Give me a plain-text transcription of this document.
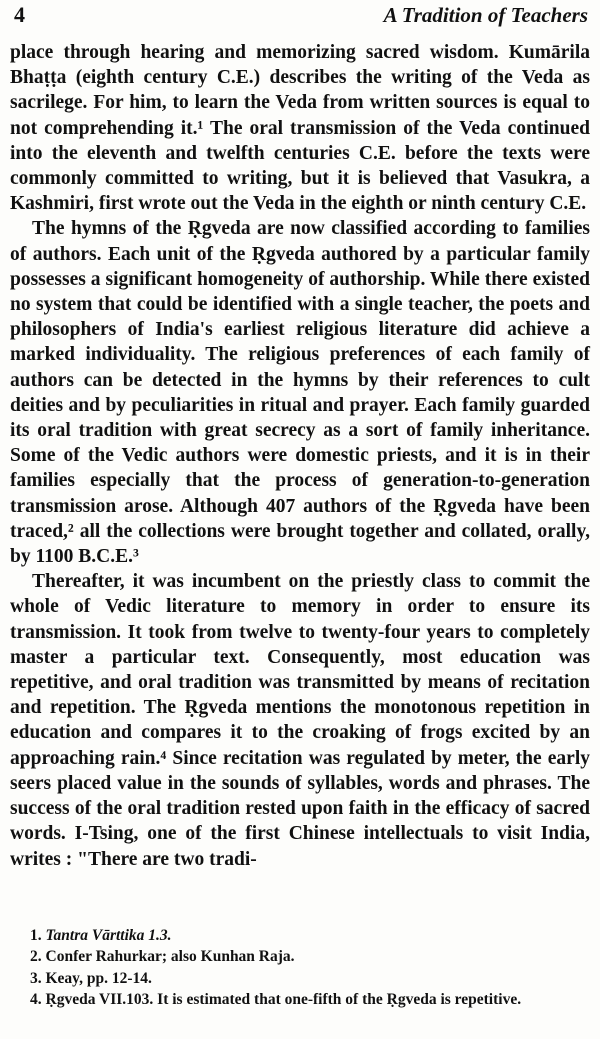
4	A Tradition of Teachers

place through hearing and memorizing sacred wisdom. Kumārila Bhaṭṭa (eighth century C.E.) describes the writing of the Veda as sacrilege. For him, to learn the Veda from written sources is equal to not comprehending it.¹ The oral transmission of the Veda continued into the eleventh and twelfth centuries C.E. before the texts were commonly committed to writing, but it is believed that Vasukra, a Kashmiri, first wrote out the Veda in the eighth or ninth century C.E.

The hymns of the Ṛgveda are now classified according to families of authors. Each unit of the Ṛgveda authored by a particular family possesses a significant homogeneity of authorship. While there existed no system that could be identified with a single teacher, the poets and philosophers of India's earliest religious literature did achieve a marked individuality. The religious preferences of each family of authors can be detected in the hymns by their references to cult deities and by peculiarities in ritual and prayer. Each family guarded its oral tradition with great secrecy as a sort of family inheritance. Some of the Vedic authors were domestic priests, and it is in their families especially that the process of generation-to-generation transmission arose. Although 407 authors of the Ṛgveda have been traced,² all the collections were brought together and collated, orally, by 1100 B.C.E.³

Thereafter, it was incumbent on the priestly class to commit the whole of Vedic literature to memory in order to ensure its transmission. It took from twelve to twenty-four years to completely master a particular text. Consequently, most education was repetitive, and oral tradition was transmitted by means of recitation and repetition. The Ṛgveda mentions the monotonous repetition in education and compares it to the croaking of frogs excited by an approaching rain.⁴ Since recitation was regulated by meter, the early seers placed value in the sounds of syllables, words and phrases. The success of the oral tradition rested upon faith in the efficacy of sacred words. I-Tsing, one of the first Chinese intellectuals to visit India, writes : "There are two tradi-

1. Tantra Vārttika 1.3.

2. Confer Rahurkar; also Kunhan Raja.

3. Keay, pp. 12-14.

4. Ṛgveda VII.103. It is estimated that one-fifth of the Ṛgveda is repetitive.
